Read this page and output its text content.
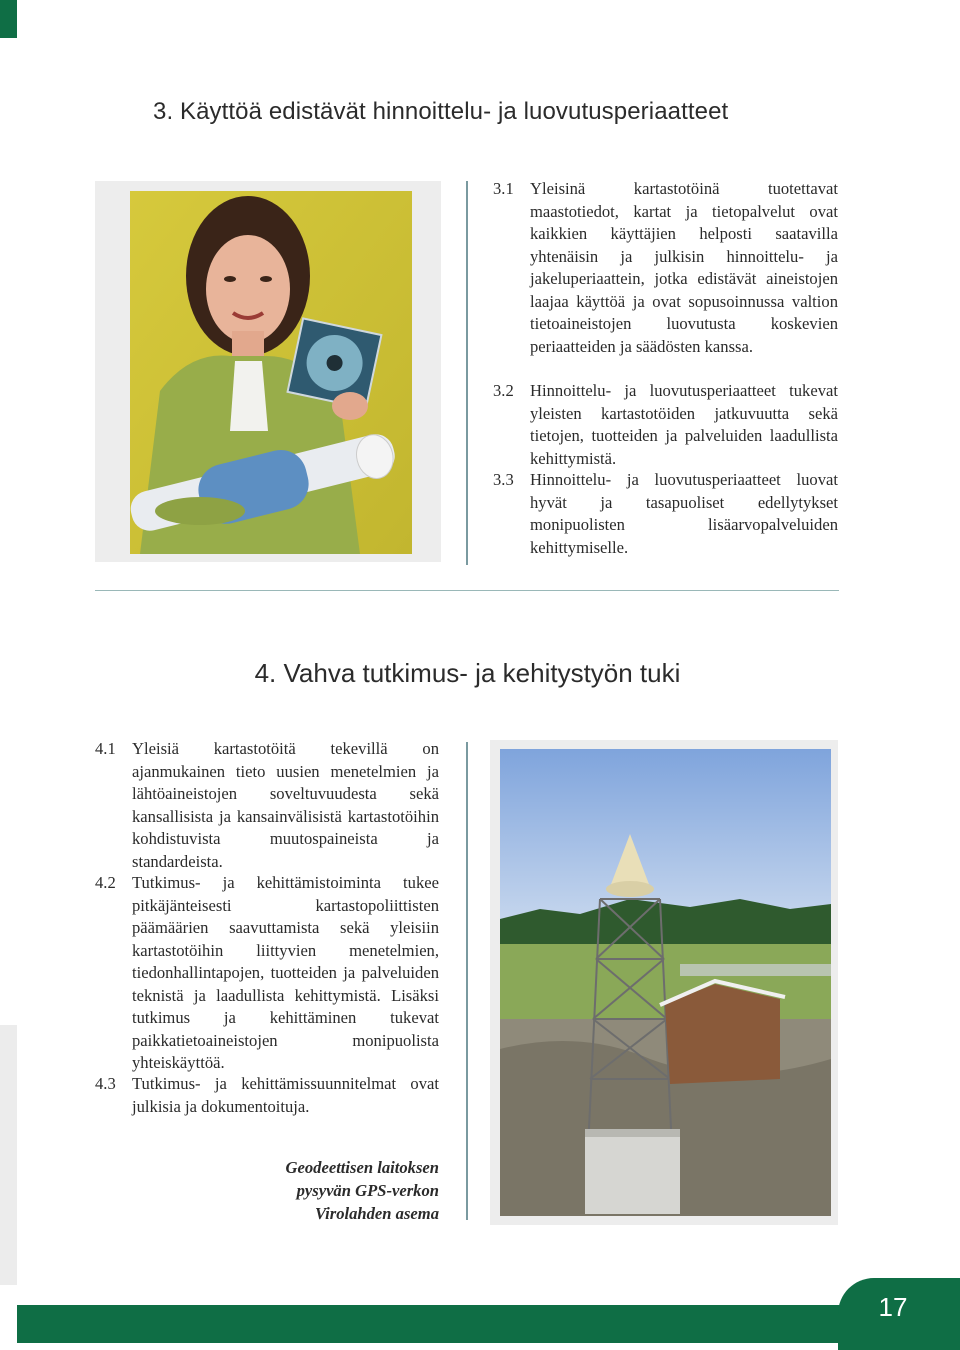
3. Käyttöä edistävät hinnoittelu- ja luovutusperiaatteet
3.1 Yleisinä kartastotöinä tuotettavat maastotiedot, kartat ja tietopalvelut ovat kaikkien käyttäjien helposti saatavilla yhtenäisin ja julkisin hinnoittelu- ja jakeluperiaattein, jotka edistävät aineistojen laajaa käyttöä ja ovat sopusoinnussa valtion tietoaineistojen luovutusta koskevien periaatteiden ja säädösten kanssa.
3.2 Hinnoittelu- ja luovutusperiaatteet tukevat yleisten kartastotöiden jatkuvuutta sekä tietojen, tuotteiden ja palveluiden laadullista kehittymistä.
3.3 Hinnoittelu- ja luovutusperiaatteet luovat hyvät ja tasapuoliset edellytykset monipuolisten lisäarvopalveluiden kehittymiselle.
4. Vahva tutkimus- ja kehitystyön tuki
4.1 Yleisiä kartastotöitä tekevillä on ajanmukainen tieto uusien menetelmien ja lähtöaineistojen soveltuvuudesta sekä kansallisista ja kansainvälisistä kartastotöihin kohdistuvista muutospaineista ja standardeista.
4.2 Tutkimus- ja kehittämistoiminta tukee pitkäjänteisesti kartastopoliittisten päämäärien saavuttamista sekä yleisiin kartastotöihin liittyvien menetelmien, tiedonhallintapojen, tuotteiden ja palveluiden teknistä ja laadullista kehittymistä. Lisäksi tutkimus ja kehittäminen tukevat paikkatietoaineistojen monipuolista yhteiskäyttöä.
4.3 Tutkimus- ja kehittämissuunnitelmat ovat julkisia ja dokumentoituja.
Geodeettisen laitoksen
pysyvän GPS-verkon
Virolahden asema
17
